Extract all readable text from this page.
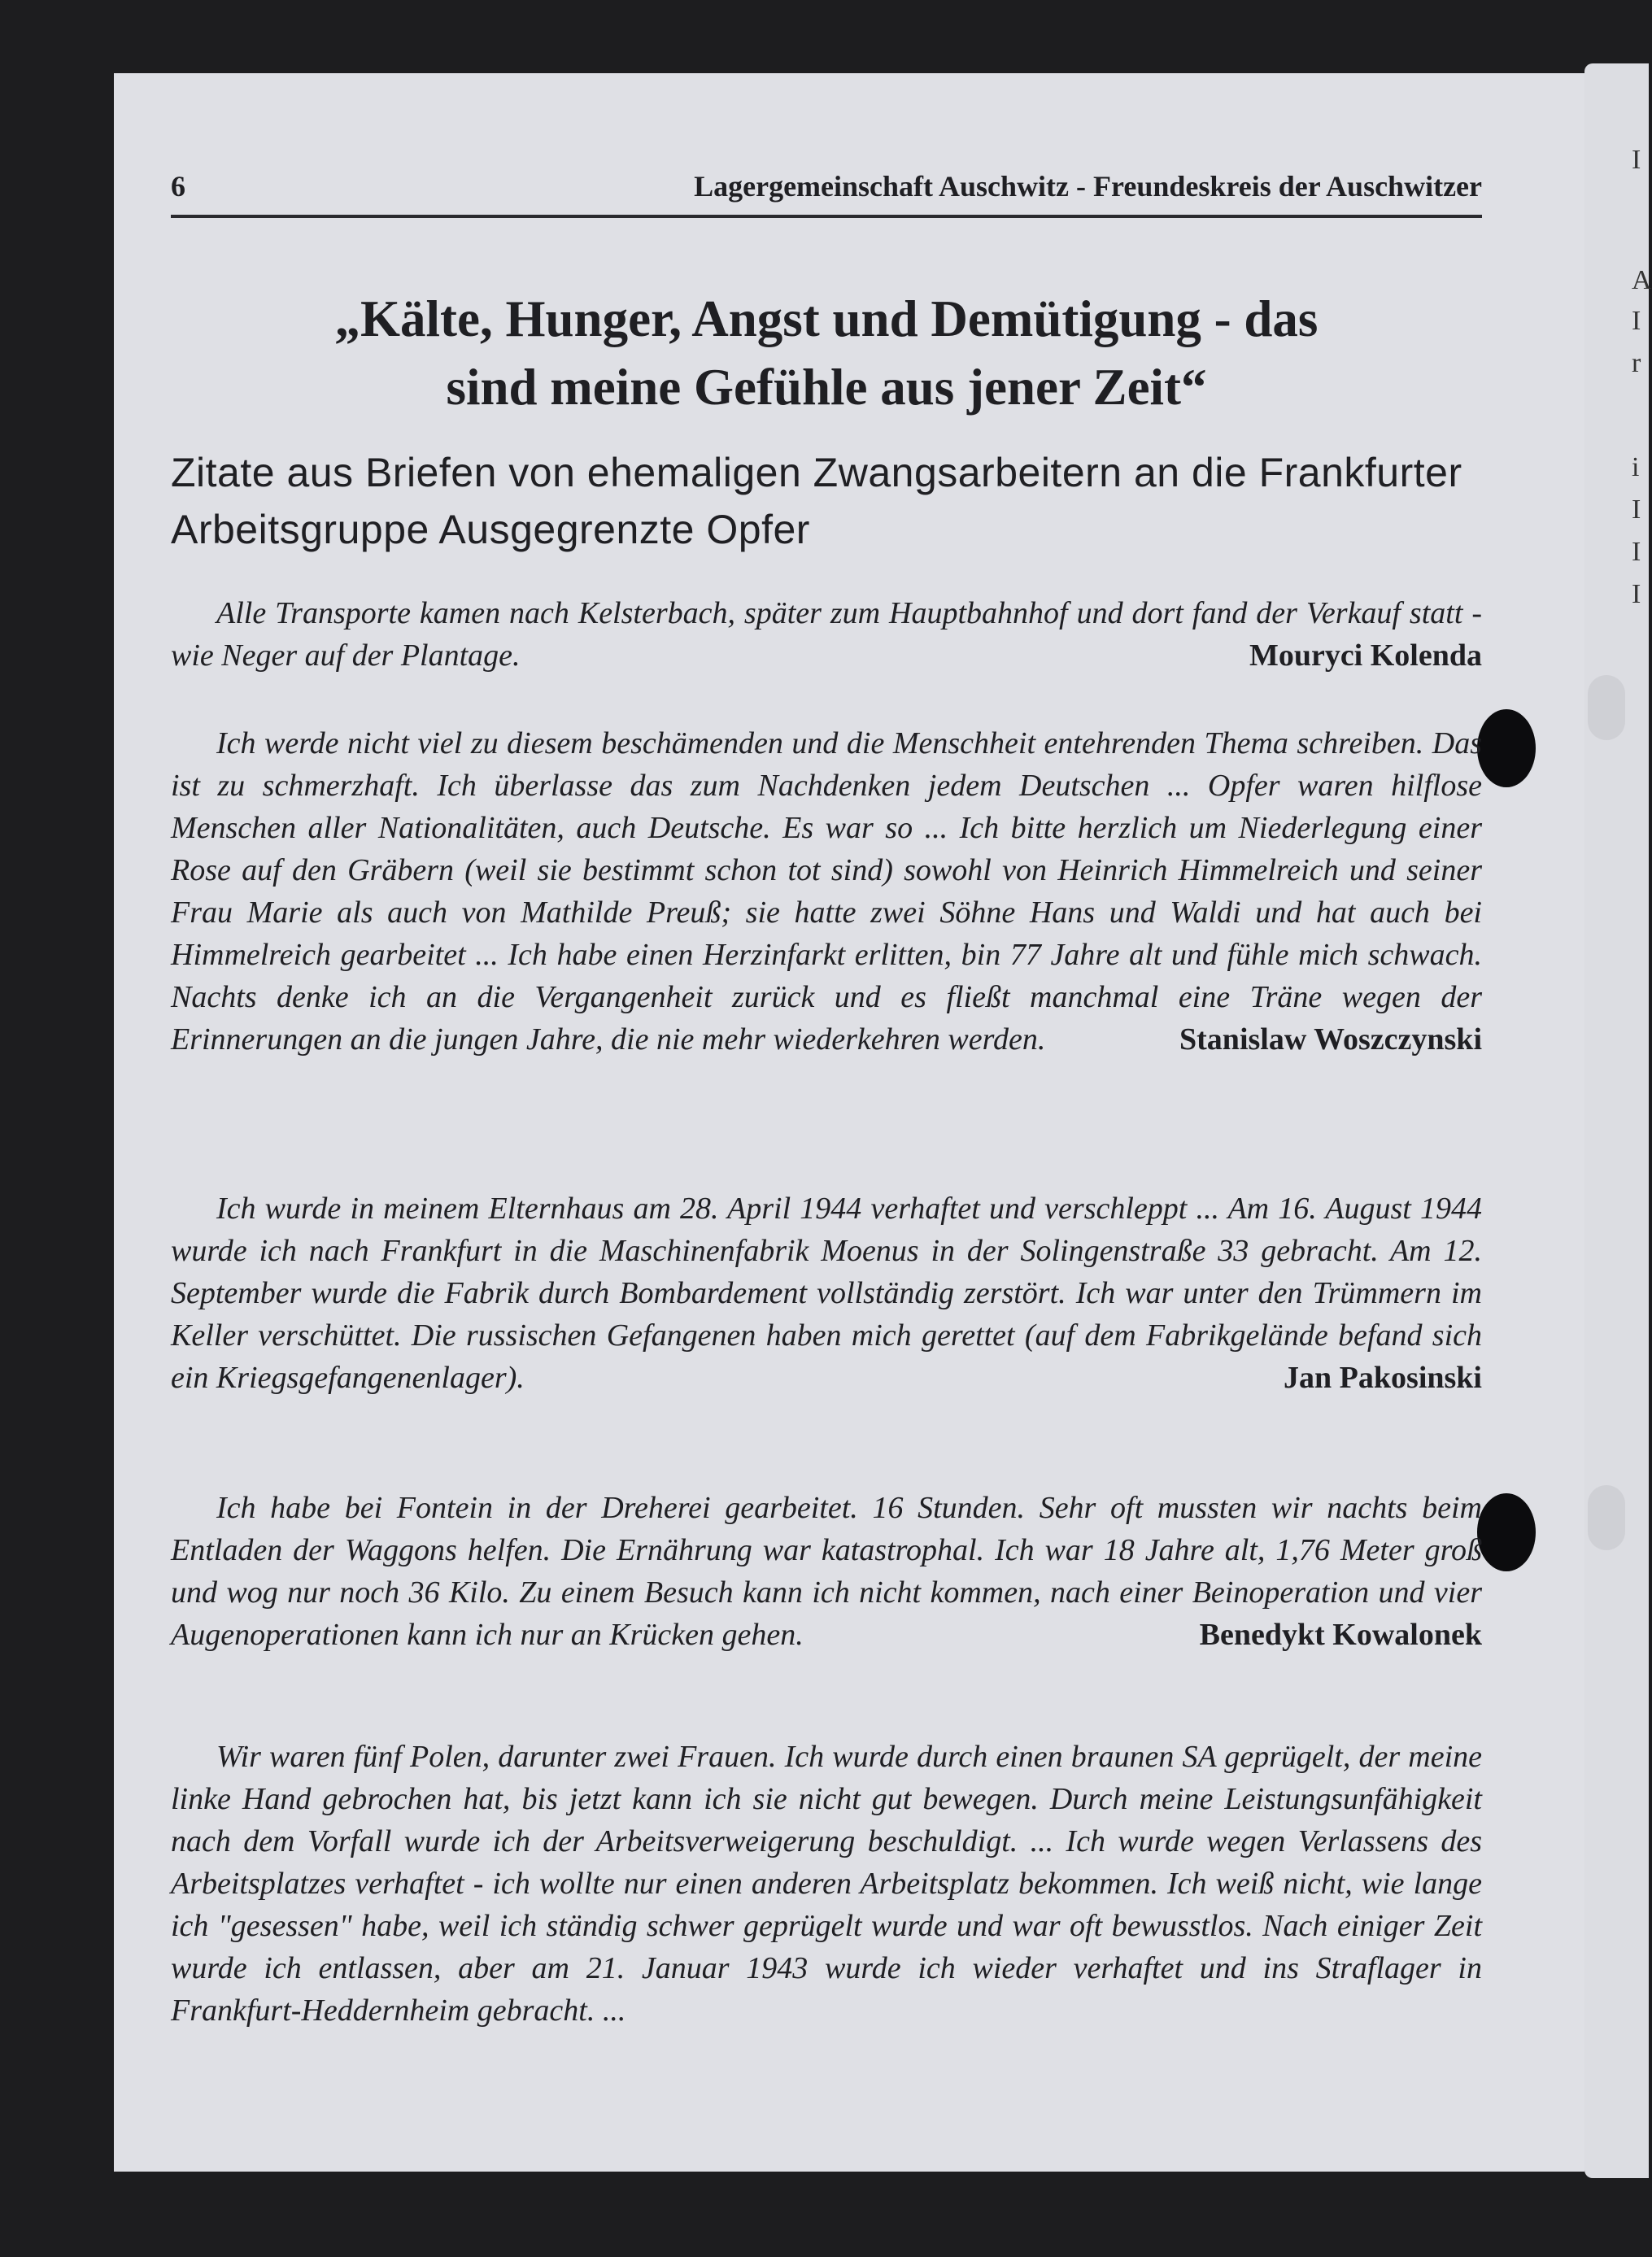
I
A
I
r
i
I
I
I
6	Lagergemeinschaft Auschwitz - Freundeskreis der Auschwitzer
„Kälte, Hunger, Angst und Demütigung - das
sind meine Gefühle aus jener Zeit“
Zitate aus Briefen von ehemaligen Zwangsarbeitern an die Frankfurter Arbeitsgruppe Ausgegrenzte Opfer

Alle Transporte kamen nach Kelsterbach, später zum Hauptbahnhof und dort fand der Verkauf statt - wie Neger auf der Plantage.	Mouryci Kolenda

Ich werde nicht viel zu diesem beschämenden und die Menschheit entehrenden Thema schreiben. Das ist zu schmerzhaft. Ich überlasse das zum Nachdenken jedem Deutschen ... Opfer waren hilflose Menschen aller Nationalitäten, auch Deutsche. Es war so ... Ich bitte herzlich um Niederlegung einer Rose auf den Gräbern (weil sie bestimmt schon tot sind) sowohl von Heinrich Himmelreich und seiner Frau Marie als auch von Mathilde Preuß; sie hatte zwei Söhne Hans und Waldi und hat auch bei Himmelreich gearbeitet ... Ich habe einen Herzinfarkt erlitten, bin 77 Jahre alt und fühle mich schwach. Nachts denke ich an die Vergangenheit zurück und es fließt manchmal eine Träne wegen der Erinnerungen an die jungen Jahre, die nie mehr wiederkehren werden.	Stanislaw Woszczynski

Ich wurde in meinem Elternhaus am 28. April 1944 verhaftet und verschleppt ... Am 16. August 1944 wurde ich nach Frankfurt in die Maschinenfabrik Moenus in der Solingenstraße 33 gebracht. Am 12. September wurde die Fabrik durch Bombardement vollständig zerstört. Ich war unter den Trümmern im Keller verschüttet. Die russischen Gefangenen haben mich gerettet (auf dem Fabrikgelände befand sich ein Kriegsgefangenenlager).	Jan Pakosinski

Ich habe bei Fontein in der Dreherei gearbeitet. 16 Stunden. Sehr oft mussten wir nachts beim Entladen der Waggons helfen. Die Ernährung war katastrophal. Ich war 18 Jahre alt, 1,76 Meter groß und wog nur noch 36 Kilo. Zu einem Besuch kann ich nicht kommen, nach einer Beinoperation und vier Augenoperationen kann ich nur an Krücken gehen.	Benedykt Kowalonek

Wir waren fünf Polen, darunter zwei Frauen. Ich wurde durch einen braunen SA geprügelt, der meine linke Hand gebrochen hat, bis jetzt kann ich sie nicht gut bewegen. Durch meine Leistungsunfähigkeit nach dem Vorfall wurde ich der Arbeitsverweigerung beschuldigt. ... Ich wurde wegen Verlassens des Arbeitsplatzes verhaftet - ich wollte nur einen anderen Arbeitsplatz bekommen. Ich weiß nicht, wie lange ich "gesessen" habe, weil ich ständig schwer geprügelt wurde und war oft bewusstlos. Nach einiger Zeit wurde ich entlassen, aber am 21. Januar 1943 wurde ich wieder verhaftet und ins Straflager in Frankfurt-Heddernheim gebracht. ...
